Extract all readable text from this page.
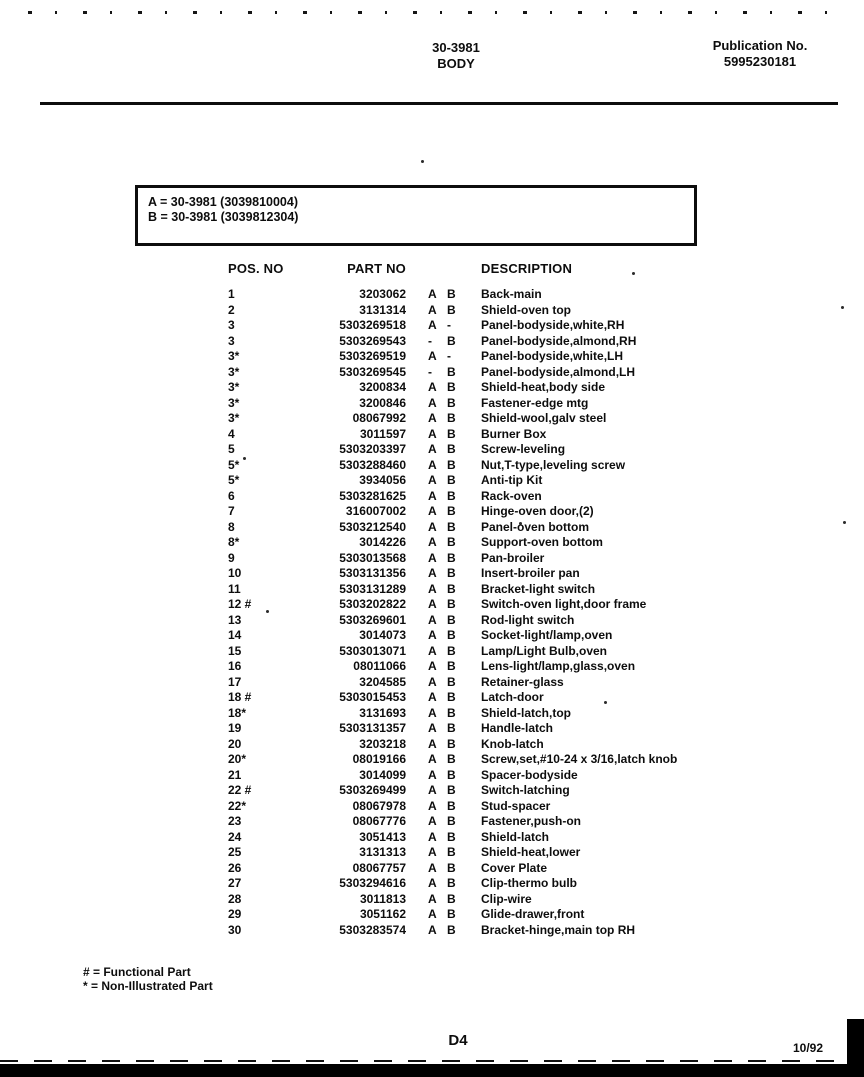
30-3981
BODY
Publication No.
5995230181
A = 30-3981 (3039810004)
B = 30-3981 (3039812304)
POS. NO	PART NO	DESCRIPTION
1	3203062 A B	Back-main
2	3131314 A B	Shield-oven top
3	5303269518 A -	Panel-bodyside,white,RH
3	5303269543 -	B	Panel-bodyside,almond,RH
3*	5303269519 A -	Panel-bodyside,white,LH
3*	5303269545 -	B	Panel-bodyside,almond,LH
3*	3200834 A B	Shield-heat,body side
3*	3200846 A B	Fastener-edge mtg
3*	08067992 A B	Shield-wool,galv steel
4	3011597 A B	Burner Box
5	5303203397 A B	Screw-leveling
5*	5303288460 A B	Nut,T-type,leveling screw
5*	3934056 A B	Anti-tip Kit
6	5303281625 A B	Rack-oven
7	316007002 A B	Hinge-oven door,(2)
8	5303212540 A B	Panel-oven bottom
8*	3014226 A B	Support-oven bottom
9	5303013568 A B	Pan-broiler
10	5303131356 A B	Insert-broiler pan
11	5303131289 A B	Bracket-light switch
12 #	5303202822 A B	Switch-oven light,door frame
13	5303269601 A B	Rod-light switch
14	3014073 A B	Socket-light/lamp,oven
15	5303013071 A B	Lamp/Light Bulb,oven
16	08011066 A B	Lens-light/lamp,glass,oven
17	3204585 A B	Retainer-glass
18 #	5303015453 A B	Latch-door
18*	3131693 A B	Shield-latch,top
19	5303131357 A B	Handle-latch
20	3203218 A B	Knob-latch
20*	08019166 A B	Screw,set,#10-24 x 3/16,latch knob
21	3014099 A B	Spacer-bodyside
22 #	5303269499 A B	Switch-latching
22*	08067978 A B	Stud-spacer
23	08067776 A B	Fastener,push-on
24	3051413 A B	Shield-latch
25	3131313 A B	Shield-heat,lower
26	08067757 A B	Cover Plate
27	5303294616 A B	Clip-thermo bulb
28	3011813 A B	Clip-wire
29	3051162 A B	Glide-drawer,front
30	5303283574 A B	Bracket-hinge,main top RH
# = Functional Part
* = Non-Illustrated Part
D4	10/92
